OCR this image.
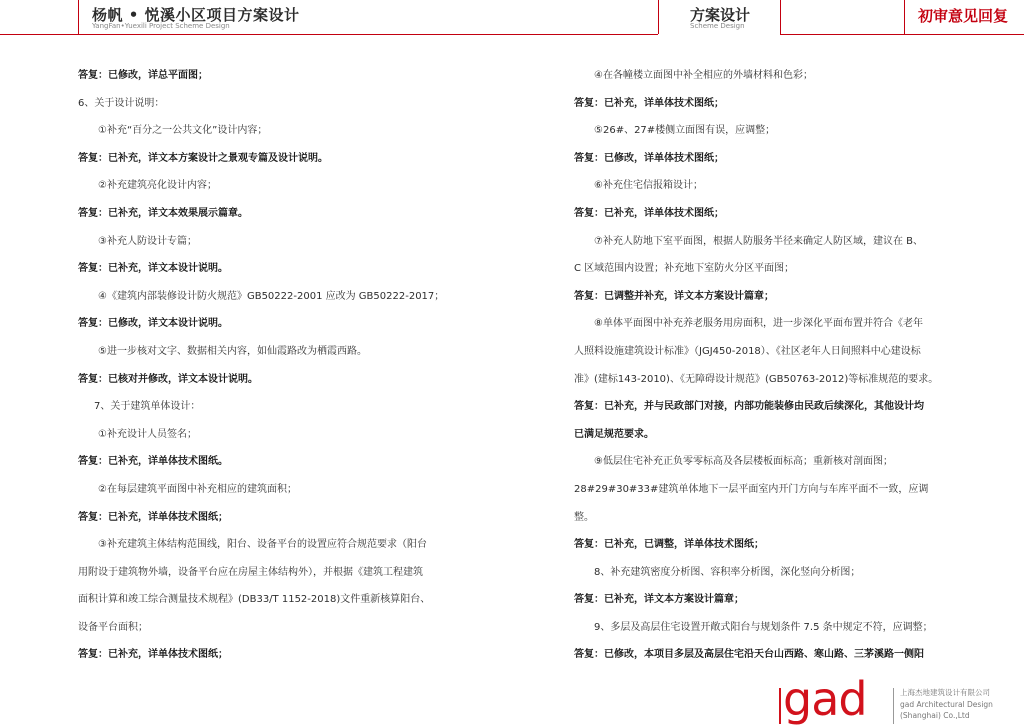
杨帆 • 悦溪小区项目方案设计
YangFan•Yuexili Project Scheme Design
方案设计
Scheme Design
初审意见回复

答复：已修改，详总平面图；

6、关于设计说明：

①补充“百分之一公共文化”设计内容；

答复：已补充，详文本方案设计之景观专篇及设计说明。

②补充建筑亮化设计内容；

答复：已补充，详文本效果展示篇章。

③补充人防设计专篇；

答复：已补充，详文本设计说明。

④《建筑内部装修设计防火规范》GB50222-2001 应改为 GB50222-2017；

答复：已修改，详文本设计说明。

⑤进一步核对文字、数据相关内容，如仙霞路改为栖霞西路。

答复：已核对并修改，详文本设计说明。

7、关于建筑单体设计：

①补充设计人员签名；

答复：已补充，详单体技术图纸。

②在每层建筑平面图中补充相应的建筑面积；

答复：已补充，详单体技术图纸；

③补充建筑主体结构范围线，阳台、设备平台的设置应符合规范要求（阳台

用附设于建筑物外墙，设备平台应在房屋主体结构外），并根据《建筑工程建筑

面积计算和竣工综合测量技术规程》(DB33/T 1152-2018)文件重新核算阳台、

设备平台面积；

答复：已补充，详单体技术图纸；

④在各幢楼立面图中补全相应的外墙材料和色彩；

答复：已补充，详单体技术图纸；

⑤26#、27#楼侧立面图有误，应调整；

答复：已修改，详单体技术图纸；

⑥补充住宅信报箱设计；

答复：已补充，详单体技术图纸；

⑦补充人防地下室平面图，根据人防服务半径来确定人防区域，建议在 B、

C 区域范围内设置；补充地下室防火分区平面图；

答复：已调整并补充，详文本方案设计篇章；

⑧单体平面图中补充养老服务用房面积，进一步深化平面布置并符合《老年

人照料设施建筑设计标准》（JGJ450-2018）、《社区老年人日间照料中心建设标

准》(建标143-2010)、《无障碍设计规范》(GB50763-2012)等标准规范的要求。

答复：已补充，并与民政部门对接，内部功能装修由民政后续深化，其他设计均

已满足规范要求。

⑨低层住宅补充正负零零标高及各层楼板面标高；重新核对剖面图；

28#29#30#33#建筑单体地下一层平面室内开门方向与车库平面不一致，应调

整。

答复：已补充，已调整，详单体技术图纸；

8、补充建筑密度分析图、容积率分析图，深化竖向分析图；

答复：已补充，详文本方案设计篇章；

9、多层及高层住宅设置开敞式阳台与规划条件 7.5 条中规定不符，应调整；

答复：已修改，本项目多层及高层住宅沿天台山西路、寒山路、三茅溪路一侧阳

gad	上海杰地建筑设计有限公司
gad Architectural Design
(Shanghai) Co.,Ltd
